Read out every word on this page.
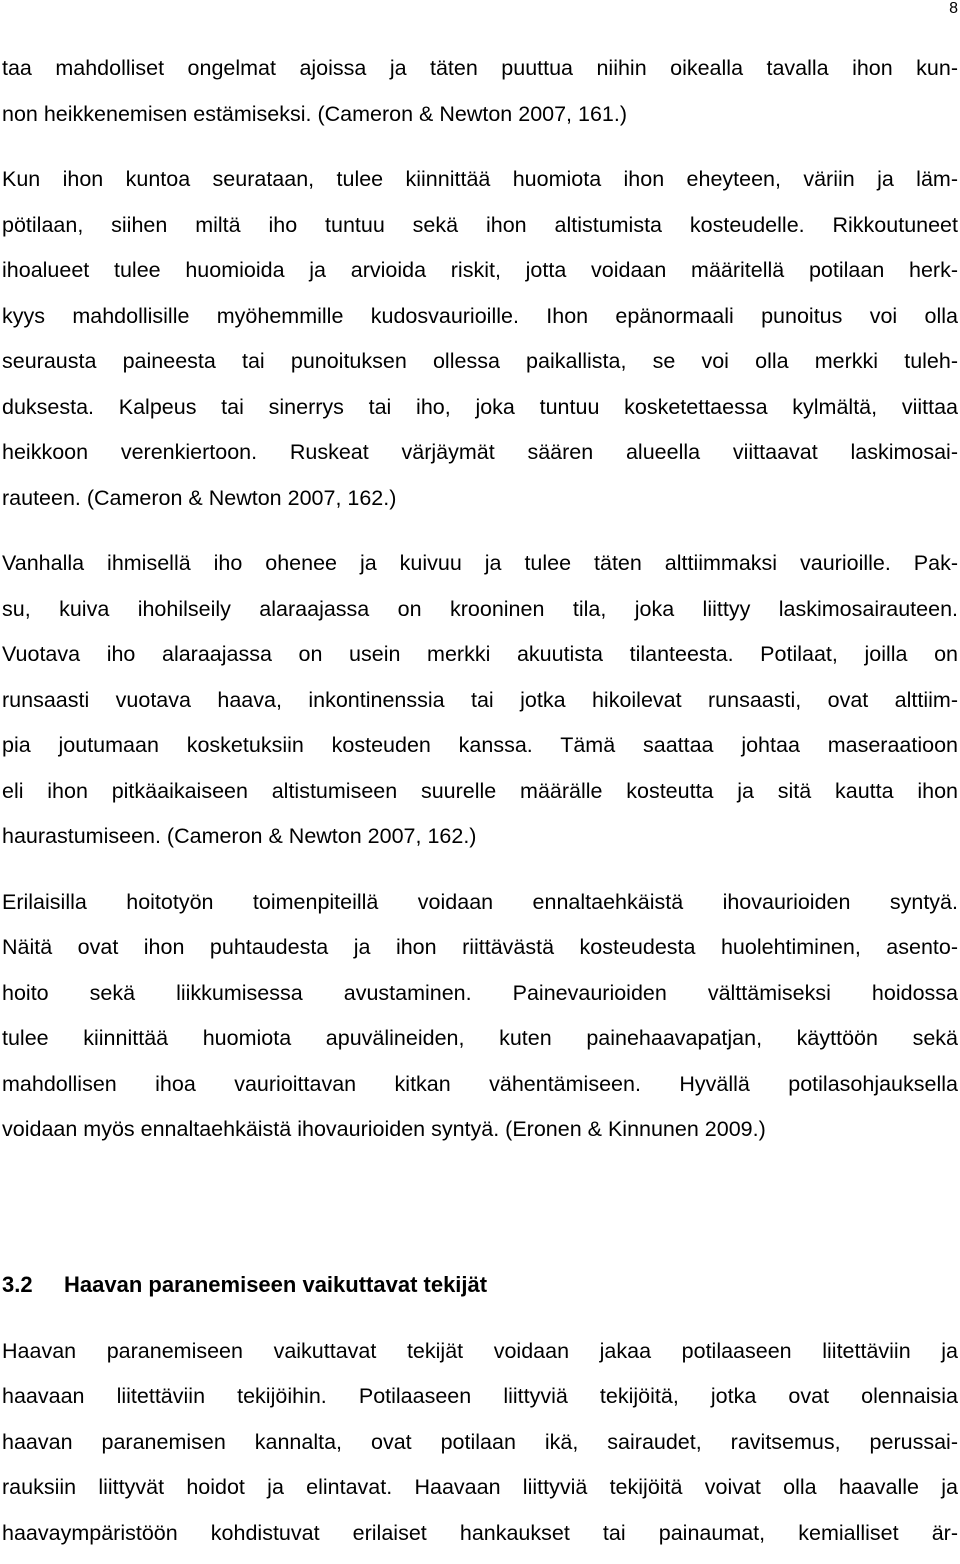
8
taa mahdolliset ongelmat ajoissa ja täten puuttua niihin oikealla tavalla ihon kun-
non heikkenemisen estämiseksi. (Cameron & Newton 2007, 161.)
Kun ihon kuntoa seurataan, tulee kiinnittää huomiota ihon eheyteen, väriin ja läm-
pötilaan, siihen miltä iho tuntuu sekä ihon altistumista kosteudelle. Rikkoutuneet
ihoalueet tulee huomioida ja arvioida riskit, jotta voidaan määritellä potilaan herk-
kyys mahdollisille myöhemmille kudosvaurioille. Ihon epänormaali punoitus voi olla
seurausta paineesta tai punoituksen ollessa paikallista, se voi olla merkki tuleh-
duksesta. Kalpeus tai sinerrys tai iho, joka tuntuu kosketettaessa kylmältä, viittaa
heikkoon verenkiertoon. Ruskeat värjäymät säären alueella viittaavat laskimosai-
rauteen. (Cameron & Newton 2007, 162.)
Vanhalla ihmisellä iho ohenee ja kuivuu ja tulee täten alttiimmaksi vaurioille. Pak-
su, kuiva ihohilseily alaraajassa on krooninen tila, joka liittyy laskimosairauteen.
Vuotava iho alaraajassa on usein merkki akuutista tilanteesta. Potilaat, joilla on
runsaasti vuotava haava, inkontinenssia tai jotka hikoilevat runsaasti, ovat alttiim-
pia joutumaan kosketuksiin kosteuden kanssa. Tämä saattaa johtaa maseraatioon
eli ihon pitkäaikaiseen altistumiseen suurelle määrälle kosteutta ja sitä kautta ihon
haurastumiseen. (Cameron & Newton 2007, 162.)
Erilaisilla hoitotyön toimenpiteillä voidaan ennaltaehkäistä ihovaurioiden syntyä.
Näitä ovat ihon puhtaudesta ja ihon riittävästä kosteudesta huolehtiminen, asento-
hoito sekä liikkumisessa avustaminen. Painevaurioiden välttämiseksi hoidossa
tulee kiinnittää huomiota apuvälineiden, kuten painehaavapatjan, käyttöön sekä
mahdollisen ihoa vaurioittavan kitkan vähentämiseen. Hyvällä potilasohjauksella
voidaan myös ennaltaehkäistä ihovaurioiden syntyä. (Eronen & Kinnunen 2009.)
3.2 Haavan paranemiseen vaikuttavat tekijät
Haavan paranemiseen vaikuttavat tekijät voidaan jakaa potilaaseen liitettäviin ja
haavaan liitettäviin tekijöihin. Potilaaseen liittyviä tekijöitä, jotka ovat olennaisia
haavan paranemisen kannalta, ovat potilaan ikä, sairaudet, ravitsemus, perussai-
rauksiin liittyvät hoidot ja elintavat. Haavaan liittyviä tekijöitä voivat olla haavalle ja
haavaympäristöön kohdistuvat erilaiset hankaukset tai painaumat, kemialliset är-
